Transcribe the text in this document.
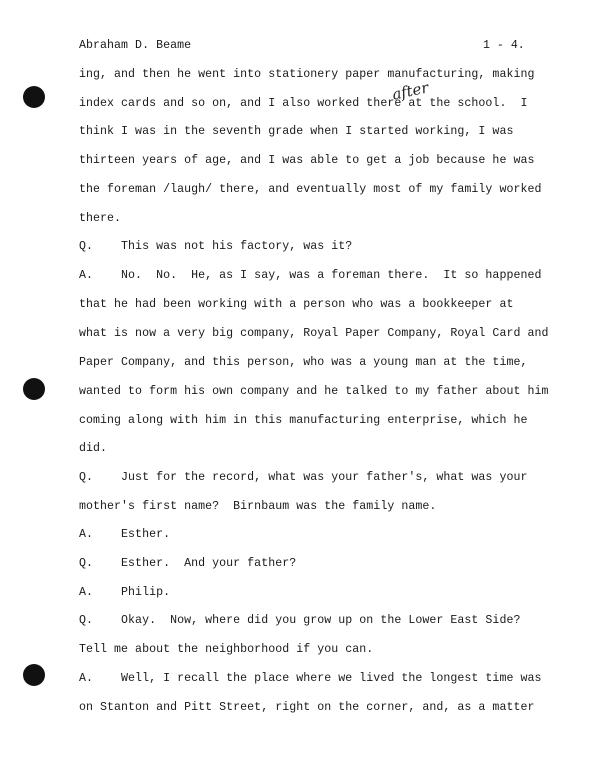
Abraham D. Beame	1 - 4.
after
ing, and then he went into stationery paper manufacturing, making
index cards and so on, and I also worked there at the school.  I
think I was in the seventh grade when I started working, I was
thirteen years of age, and I was able to get a job because he was
the foreman /laugh/ there, and eventually most of my family worked
there.
Q.    This was not his factory, was it?
A.    No.  No.  He, as I say, was a foreman there.  It so happened
that he had been working with a person who was a bookkeeper at
what is now a very big company, Royal Paper Company, Royal Card and
Paper Company, and this person, who was a young man at the time,
wanted to form his own company and he talked to my father about him
coming along with him in this manufacturing enterprise, which he
did.
Q.    Just for the record, what was your father's, what was your
mother's first name?  Birnbaum was the family name.
A.    Esther.
Q.    Esther.  And your father?
A.    Philip.
Q.    Okay.  Now, where did you grow up on the Lower East Side?
Tell me about the neighborhood if you can.
A.    Well, I recall the place where we lived the longest time was
on Stanton and Pitt Street, right on the corner, and, as a matter
